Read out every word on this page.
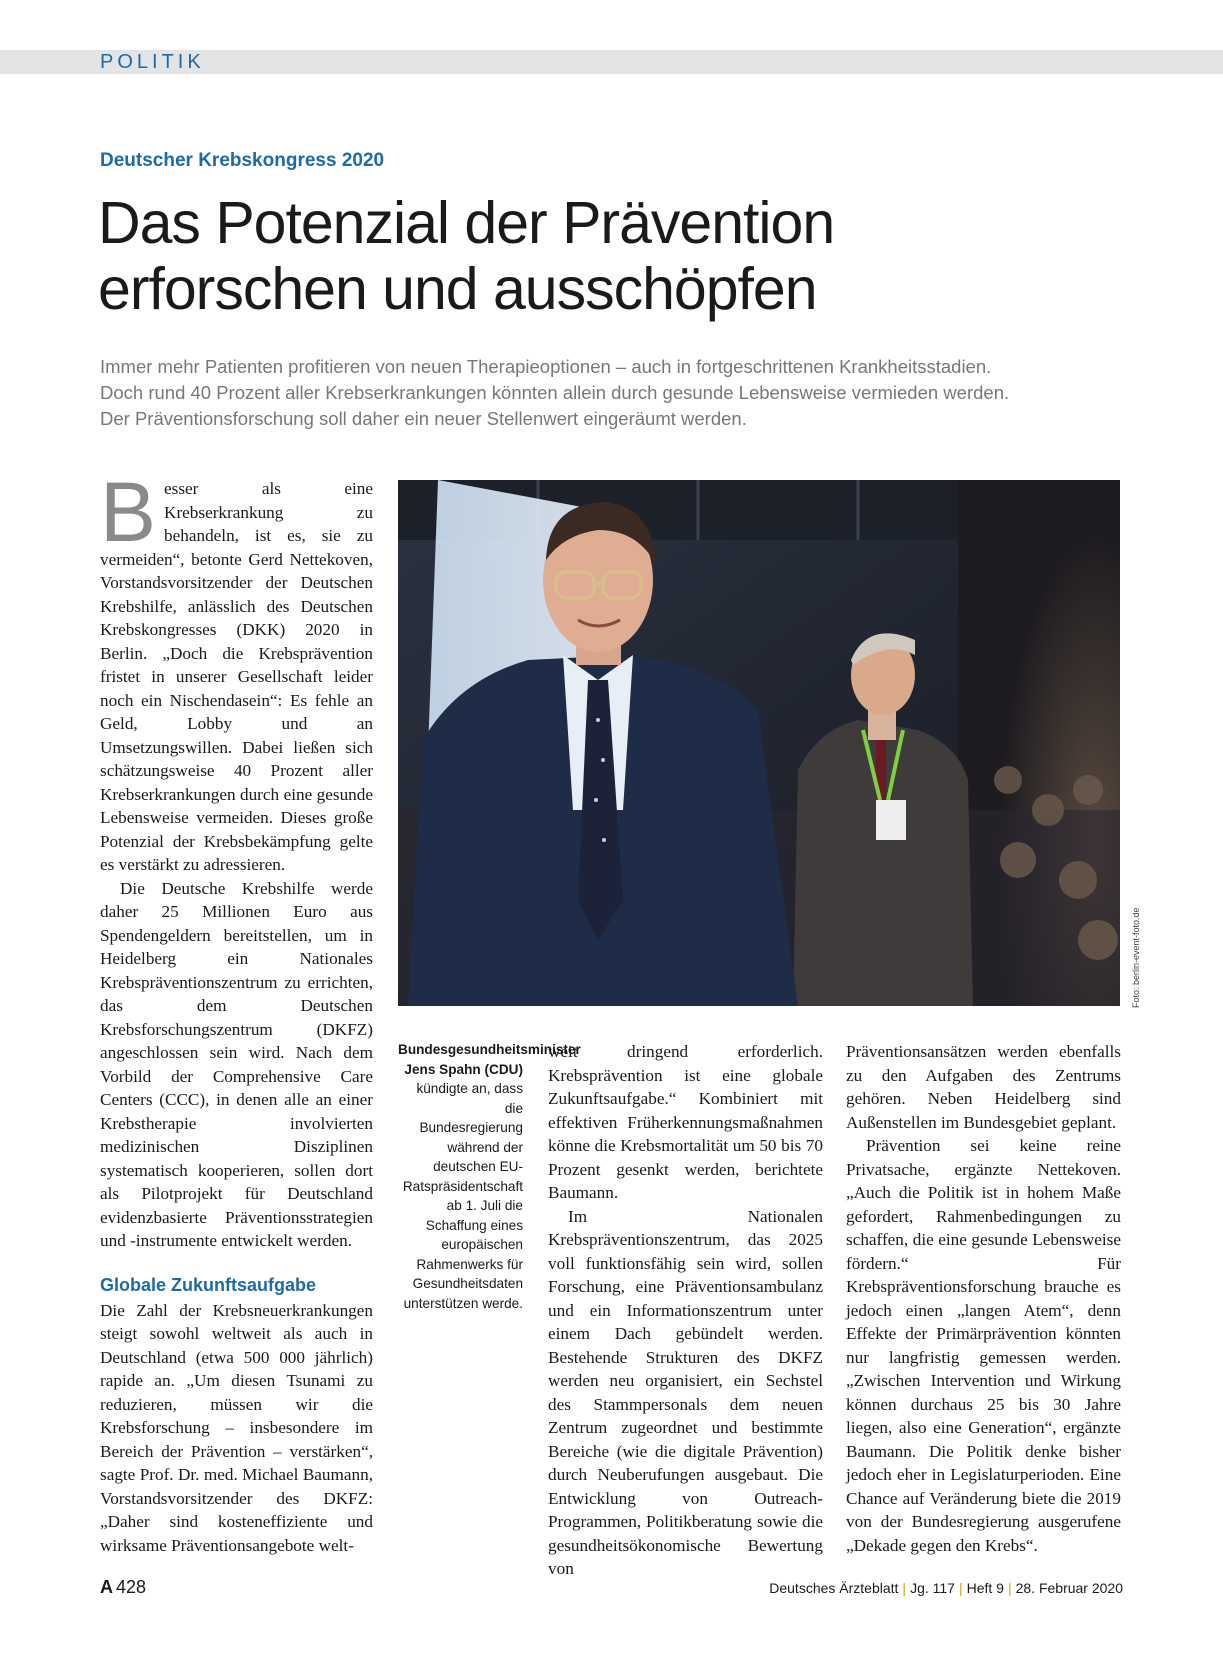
POLITIK
Deutscher Krebskongress 2020
Das Potenzial der Prävention
erforschen und ausschöpfen
Immer mehr Patienten profitieren von neuen Therapieoptionen – auch in fortgeschrittenen Krankheitsstadien.
Doch rund 40 Prozent aller Krebserkrankungen könnten allein durch gesunde Lebensweise vermieden werden.
Der Präventionsforschung soll daher ein neuer Stellenwert eingeräumt werden.

Besser als eine Krebserkrankung zu behandeln, ist es, sie zu vermeiden“, betonte Gerd Nettekoven, Vorstandsvorsitzender der Deutschen Krebshilfe, anlässlich des Deutschen Krebskongresses (DKK) 2020 in Berlin. „Doch die Krebsprävention fristet in unserer Gesellschaft leider noch ein Nischendasein“: Es fehle an Geld, Lobby und an Umsetzungswillen. Dabei ließen sich schätzungsweise 40 Prozent aller Krebserkrankungen durch eine gesunde Lebensweise vermeiden. Dieses große Potenzial der Krebsbekämpfung gelte es verstärkt zu adressieren.

Die Deutsche Krebshilfe werde daher 25 Millionen Euro aus Spendengeldern bereitstellen, um in Heidelberg ein Nationales Krebspräventionszentrum zu errichten, das dem Deutschen Krebsforschungszentrum (DKFZ) angeschlossen sein wird. Nach dem Vorbild der Comprehensive Care Centers (CCC), in denen alle an einer Krebstherapie involvierten medizinischen Disziplinen systematisch kooperieren, sollen dort als Pilotprojekt für Deutschland evidenzbasierte Präventionsstrategien und -instrumente entwickelt werden.

Globale Zukunftsaufgabe

Die Zahl der Krebsneuerkrankungen steigt sowohl weltweit als auch in Deutschland (etwa 500 000 jährlich) rapide an. „Um diesen Tsunami zu reduzieren, müssen wir die Krebsforschung – insbesondere im Bereich der Prävention – verstärken“, sagte Prof. Dr. med. Michael Baumann, Vorstandsvorsitzender des DKFZ: „Daher sind kosteneffiziente und wirksame Präventionsangebote welt-

Foto: berlin-event-foto.de
Bundesgesundheitsminister Jens Spahn (CDU) kündigte an, dass die Bundesregierung während der deutschen EU-Ratspräsidentschaft ab 1. Juli die Schaffung eines europäischen Rahmenwerks für Gesundheitsdaten unterstützen werde.

weit dringend erforderlich. Krebsprävention ist eine globale Zukunftsaufgabe.“ Kombiniert mit effektiven Früherkennungsmaßnahmen könne die Krebsmortalität um 50 bis 70 Prozent gesenkt werden, berichtete Baumann.

Im Nationalen Krebspräventionszentrum, das 2025 voll funktionsfähig sein wird, sollen Forschung, eine Präventionsambulanz und ein Informationszentrum unter einem Dach gebündelt werden. Bestehende Strukturen des DKFZ werden neu organisiert, ein Sechstel des Stammpersonals dem neuen Zentrum zugeordnet und bestimmte Bereiche (wie die digitale Prävention) durch Neuberufungen ausgebaut. Die Entwicklung von Outreach-Programmen, Politikberatung sowie die gesundheitsökonomische Bewertung von

Präventionsansätzen werden ebenfalls zu den Aufgaben des Zentrums gehören. Neben Heidelberg sind Außenstellen im Bundesgebiet geplant.

Prävention sei keine reine Privatsache, ergänzte Nettekoven. „Auch die Politik ist in hohem Maße gefordert, Rahmenbedingungen zu schaffen, die eine gesunde Lebensweise fördern.“ Für Krebspräventionsforschung brauche es jedoch einen „langen Atem“, denn Effekte der Primärprävention könnten nur langfristig gemessen werden. „Zwischen Intervention und Wirkung können durchaus 25 bis 30 Jahre liegen, also eine Generation“, ergänzte Baumann. Die Politik denke bisher jedoch eher in Legislaturperioden. Eine Chance auf Veränderung biete die 2019 von der Bundesregierung ausgerufene „Dekade gegen den Krebs“.

A 428	Deutsches Ärzteblatt | Jg. 117 | Heft 9 | 28. Februar 2020
